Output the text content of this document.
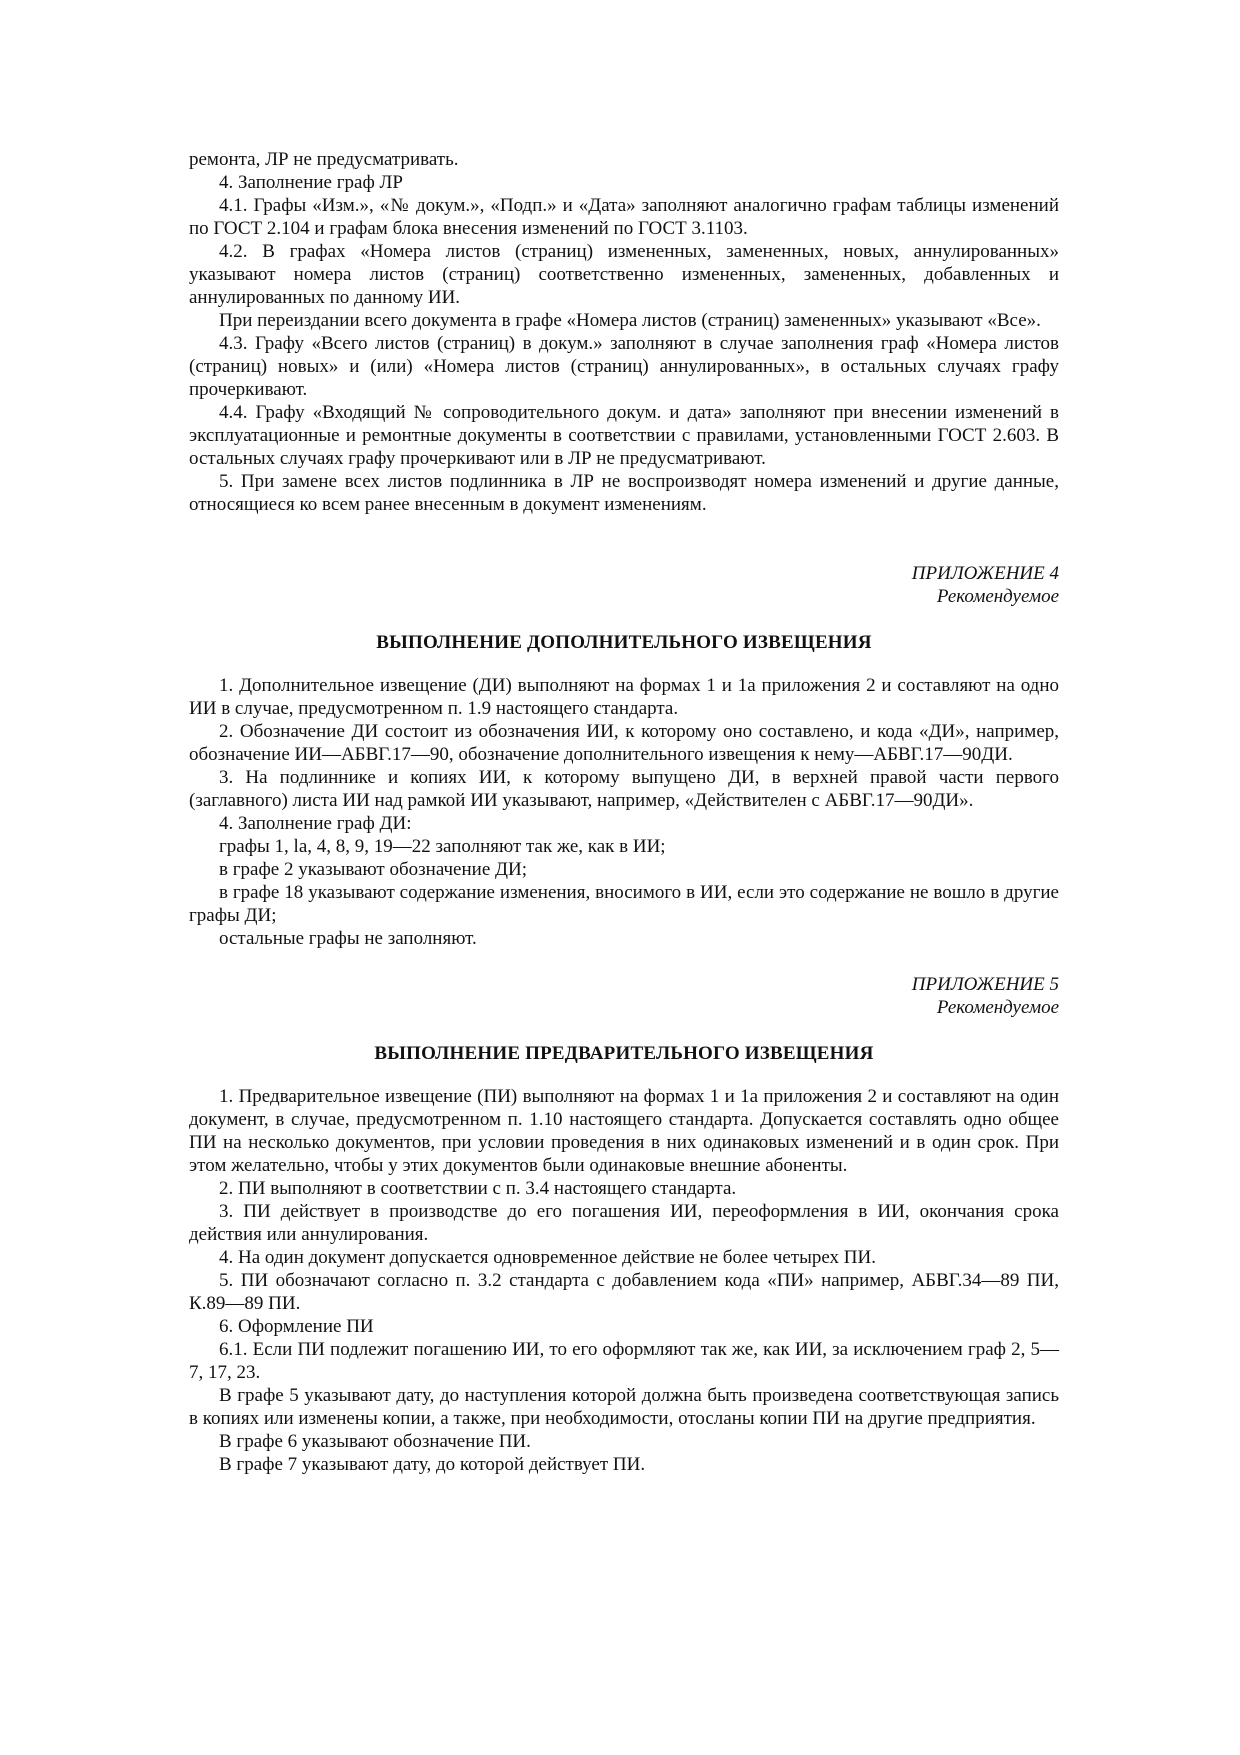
ремонта, ЛР не предусматривать.

4. Заполнение граф ЛР

4.1. Графы «Изм.», «№ докум.», «Подп.» и «Дата» заполняют аналогично графам таблицы изменений по ГОСТ 2.104 и графам блока внесения изменений по ГОСТ 3.1103.

4.2. В графах «Номера листов (страниц) измененных, замененных, новых, аннулированных» указывают номера листов (страниц) соответственно измененных, замененных, добавленных и аннулированных по данному ИИ.

При переиздании всего документа в графе «Номера листов (страниц) замененных» указывают «Все».

4.3. Графу «Всего листов (страниц) в докум.» заполняют в случае заполнения граф «Номера листов (страниц) новых» и (или) «Номера листов (страниц) аннулированных», в остальных случаях графу прочеркивают.

4.4. Графу «Входящий № сопроводительного докум. и дата» заполняют при внесении изменений в эксплуатационные и ремонтные документы в соответствии с правилами, установленными ГОСТ 2.603. В остальных случаях графу прочеркивают или в ЛР не предусматривают.

5. При замене всех листов подлинника в ЛР не воспроизводят номера изменений и другие данные, относящиеся ко всем ранее внесенным в документ изменениям.

ПРИЛОЖЕНИЕ 4

Рекомендуемое

ВЫПОЛНЕНИЕ ДОПОЛНИТЕЛЬНОГО ИЗВЕЩЕНИЯ

1. Дополнительное извещение (ДИ) выполняют на формах 1 и 1а приложения 2 и составляют на одно ИИ в случае, предусмотренном п. 1.9 настоящего стандарта.

2. Обозначение ДИ состоит из обозначения ИИ, к которому оно составлено, и кода «ДИ», например, обозначение ИИ—АБВГ.17—90, обозначение дополнительного извещения к нему—АБВГ.17—90ДИ.

3. На подлиннике и копиях ИИ, к которому выпущено ДИ, в верхней правой части первого (заглавного) листа ИИ над рамкой ИИ указывают, например, «Действителен с АБВГ.17—90ДИ».

4. Заполнение граф ДИ:

графы 1, la, 4, 8, 9, 19—22 заполняют так же, как в ИИ;

в графе 2 указывают обозначение ДИ;

в графе 18 указывают содержание изменения, вносимого в ИИ, если это содержание не вошло в другие графы ДИ;

остальные графы не заполняют.

ПРИЛОЖЕНИЕ 5

Рекомендуемое

ВЫПОЛНЕНИЕ ПРЕДВАРИТЕЛЬНОГО ИЗВЕЩЕНИЯ

1. Предварительное извещение (ПИ) выполняют на формах 1 и 1а приложения 2 и составляют на один документ, в случае, предусмотренном п. 1.10 настоящего стандарта. Допускается составлять одно общее ПИ на несколько документов, при условии проведения в них одинаковых изменений и в один срок. При этом желательно, чтобы у этих документов были одинаковые внешние абоненты.

2. ПИ выполняют в соответствии с п. 3.4 настоящего стандарта.

3. ПИ действует в производстве до его погашения ИИ, переоформления в ИИ, окончания срока действия или аннулирования.

4. На один документ допускается одновременное действие не более четырех ПИ.

5. ПИ обозначают согласно п. 3.2 стандарта с добавлением кода «ПИ» например, АБВГ.34—89 ПИ, К.89—89 ПИ.

6. Оформление ПИ

6.1. Если ПИ подлежит погашению ИИ, то его оформляют так же, как ИИ, за исключением граф 2, 5—7, 17, 23.

В графе 5 указывают дату, до наступления которой должна быть произведена соответствующая запись в копиях или изменены копии, а также, при необходимости, отосланы копии ПИ на другие предприятия.

В графе 6 указывают обозначение ПИ.

В графе 7 указывают дату, до которой действует ПИ.
